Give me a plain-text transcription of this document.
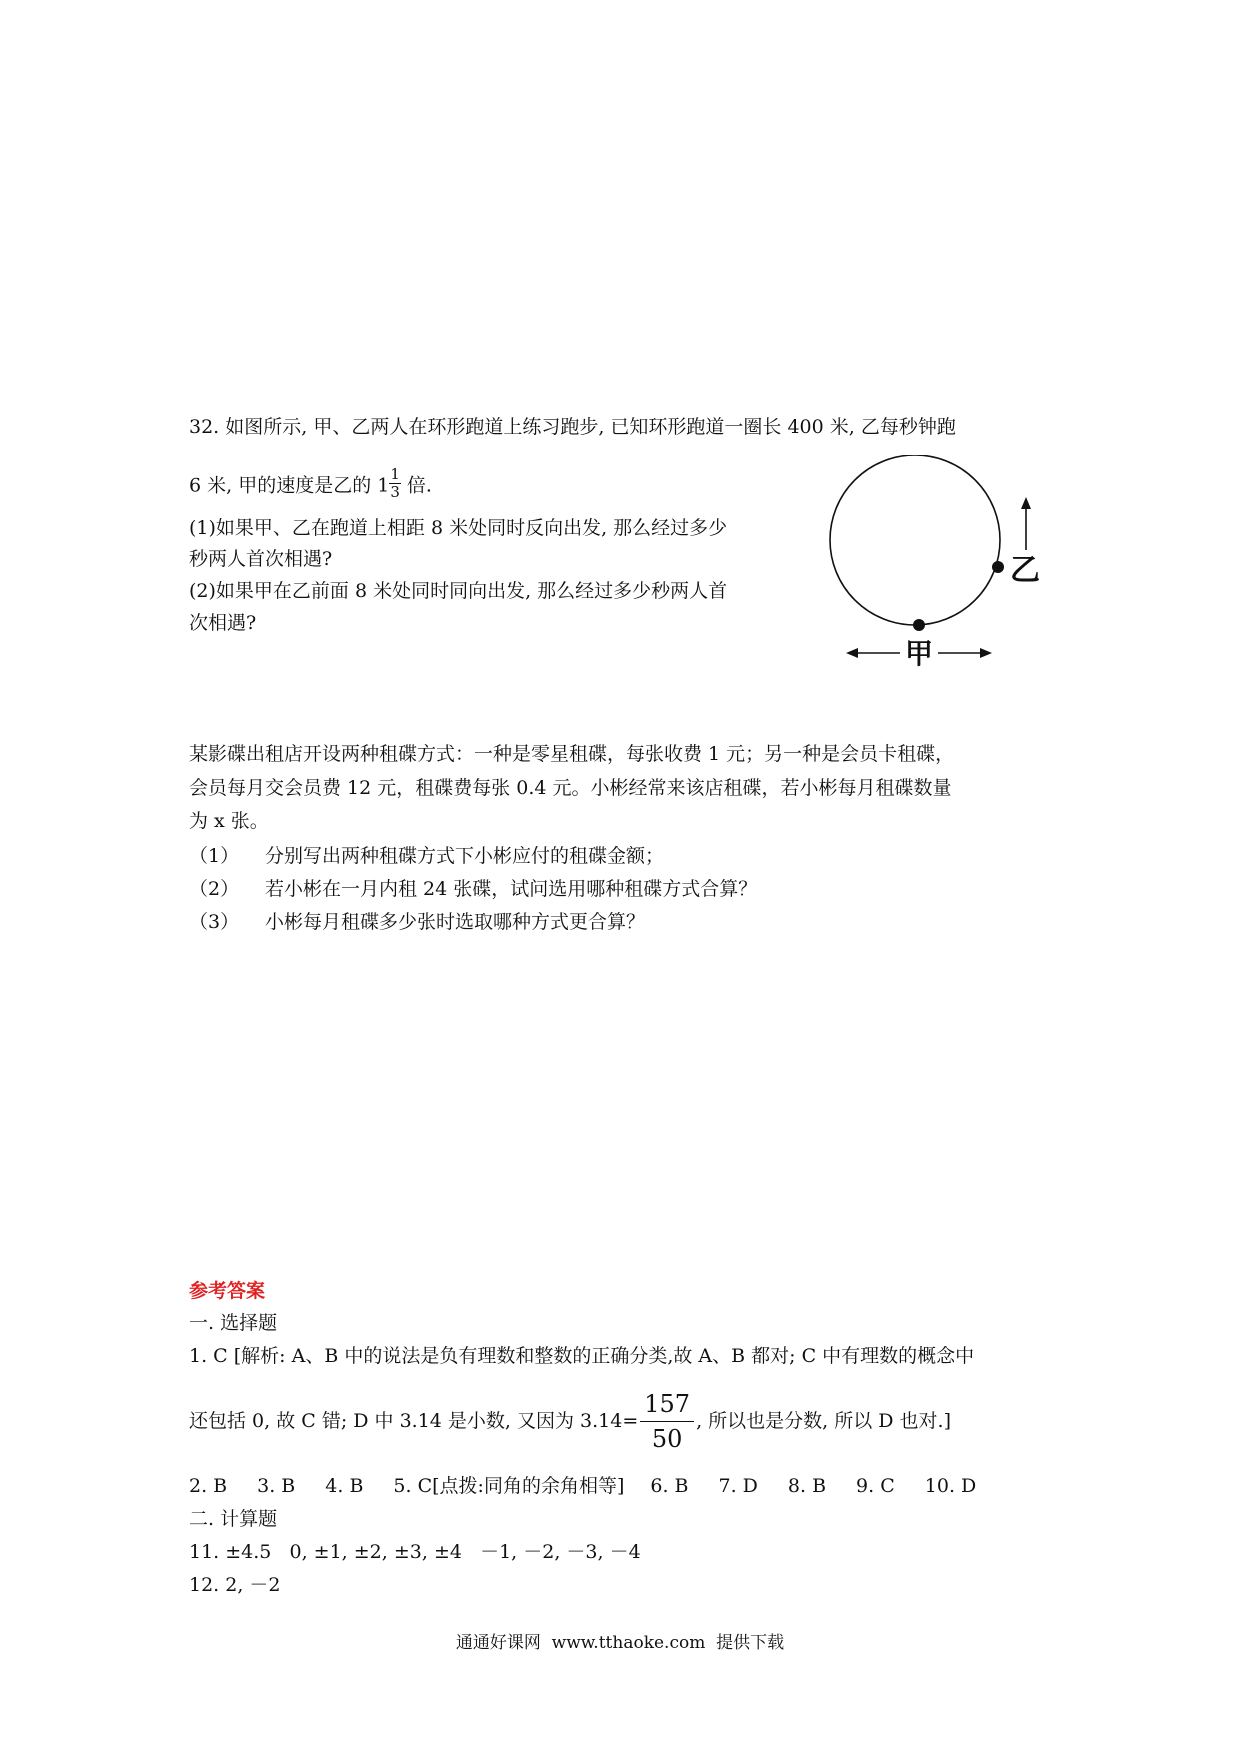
32. 如图所示, 甲、乙两人在环形跑道上练习跑步, 已知环形跑道一圈长 400 米, 乙每秒钟跑
6 米, 甲的速度是乙的 $1 \frac{1}{3}$ 倍.
(1)如果甲、乙在跑道上相距 8 米处同时反向出发, 那么经过多少
秒两人首次相遇?
(2)如果甲在乙前面 8 米处同时同向出发, 那么经过多少秒两人首
次相遇?
乙
甲
某影碟出租店开设两种租碟方式：一种是零星租碟，每张收费 1 元；另一种是会员卡租碟，
会员每月交会员费 12 元，租碟费每张 0.4 元。小彬经常来该店租碟，若小彬每月租碟数量
为 x 张。
（1） 分别写出两种租碟方式下小彬应付的租碟金额；
（2） 若小彬在一月内租 24 张碟，试问选用哪种租碟方式合算？
（3） 小彬每月租碟多少张时选取哪种方式更合算？
参考答案
一. 选择题
1. C [解析: A、B 中的说法是负有理数和整数的正确分类,故 A、B 都对; C 中有理数的概念中
还包括 0, 故 C 错; D 中 3.14 是小数, 又因为 $3.14= \frac{157}{50}$ , 所以也是分数, 所以 D 也对.]
2. B 3. B 4. B 5. C[点拨:同角的余角相等] 6. B 7. D 8. B 9. C 10. D
二. 计算题
11. ±4.5   0, ±1, ±2, ±3, ±4   －1, －2, －3, －4
12. 2, －2
通通好课网  www.tthaoke.com  提供下载
